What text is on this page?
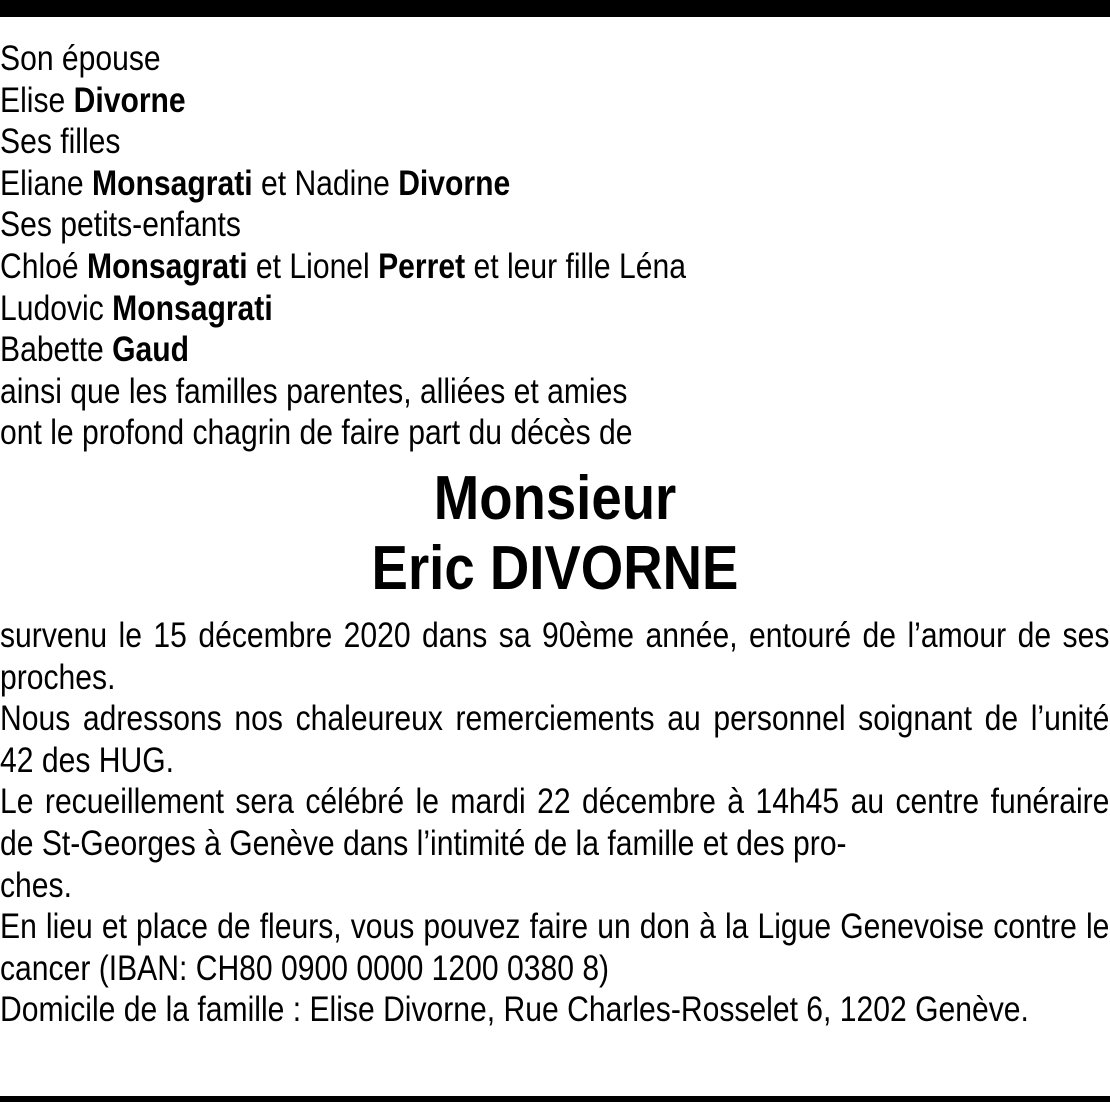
Son épouse
Elise Divorne
Ses filles
Eliane Monsagrati et Nadine Divorne
Ses petits-enfants
Chloé Monsagrati et Lionel Perret et leur fille Léna
Ludovic Monsagrati
Babette Gaud
ainsi que les familles parentes, alliées et amies
ont le profond chagrin de faire part du décès de
Monsieur
Eric DIVORNE
survenu le 15 décembre 2020 dans sa 90ème année, entouré de l’amour de ses proches.
Nous adressons nos chaleureux remerciements au personnel soignant de l’unité 42 des HUG.
Le recueillement sera célébré le mardi 22 décembre à 14h45 au centre funéraire de St-Georges à Genève dans l’intimité de la famille et des pro-
ches.
En lieu et place de fleurs, vous pouvez faire un don à la Ligue Genevoise contre le cancer (IBAN: CH80 0900 0000 1200 0380 8)
Domicile de la famille : Elise Divorne, Rue Charles-Rosselet 6, 1202 Genève.
